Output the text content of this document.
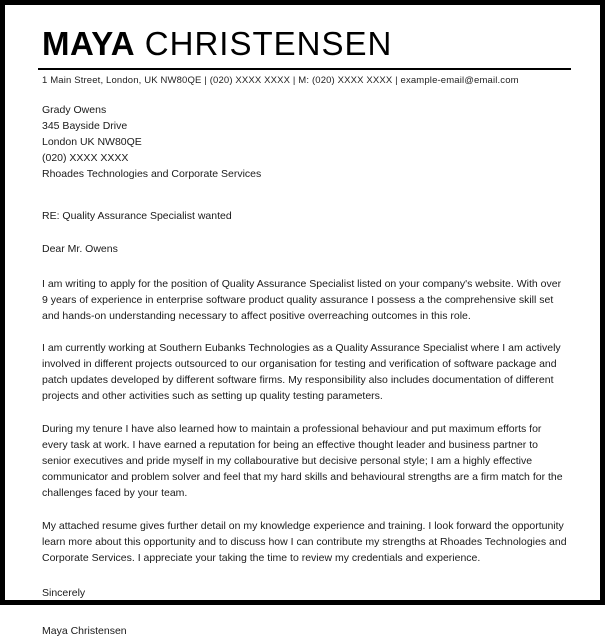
MAYA CHRISTENSEN
1 Main Street, London, UK NW80QE | (020) XXXX XXXX | M: (020) XXXX XXXX | example-email@email.com
Grady Owens
345 Bayside Drive
London UK NW80QE
(020) XXXX XXXX
Rhoades Technologies and Corporate Services

RE: Quality Assurance Specialist wanted

Dear Mr. Owens

I am writing to apply for the position of Quality Assurance Specialist listed on your company's website. With over 9 years of experience in enterprise software product quality assurance I possess a the comprehensive skill set and hands-on understanding necessary to affect positive overreaching outcomes in this role.

I am currently working at Southern Eubanks Technologies as a Quality Assurance Specialist where I am actively involved in different projects outsourced to our organisation for testing and verification of software package and patch updates developed by different software firms. My responsibility also includes documentation of different projects and other activities such as setting up quality testing parameters.

During my tenure I have also learned how to maintain a professional behaviour and put maximum efforts for every task at work. I have earned a reputation for being an effective thought leader and business partner to senior executives and pride myself in my collabourative but decisive personal style; I am a highly effective communicator and problem solver and feel that my hard skills and behavioural strengths are a firm match for the challenges faced by your team.

My attached resume gives further detail on my knowledge experience and training. I look forward the opportunity learn more about this opportunity and to discuss how I can contribute my strengths at Rhoades Technologies and Corporate Services. I appreciate your taking the time to review my credentials and experience.

Sincerely

Maya Christensen
